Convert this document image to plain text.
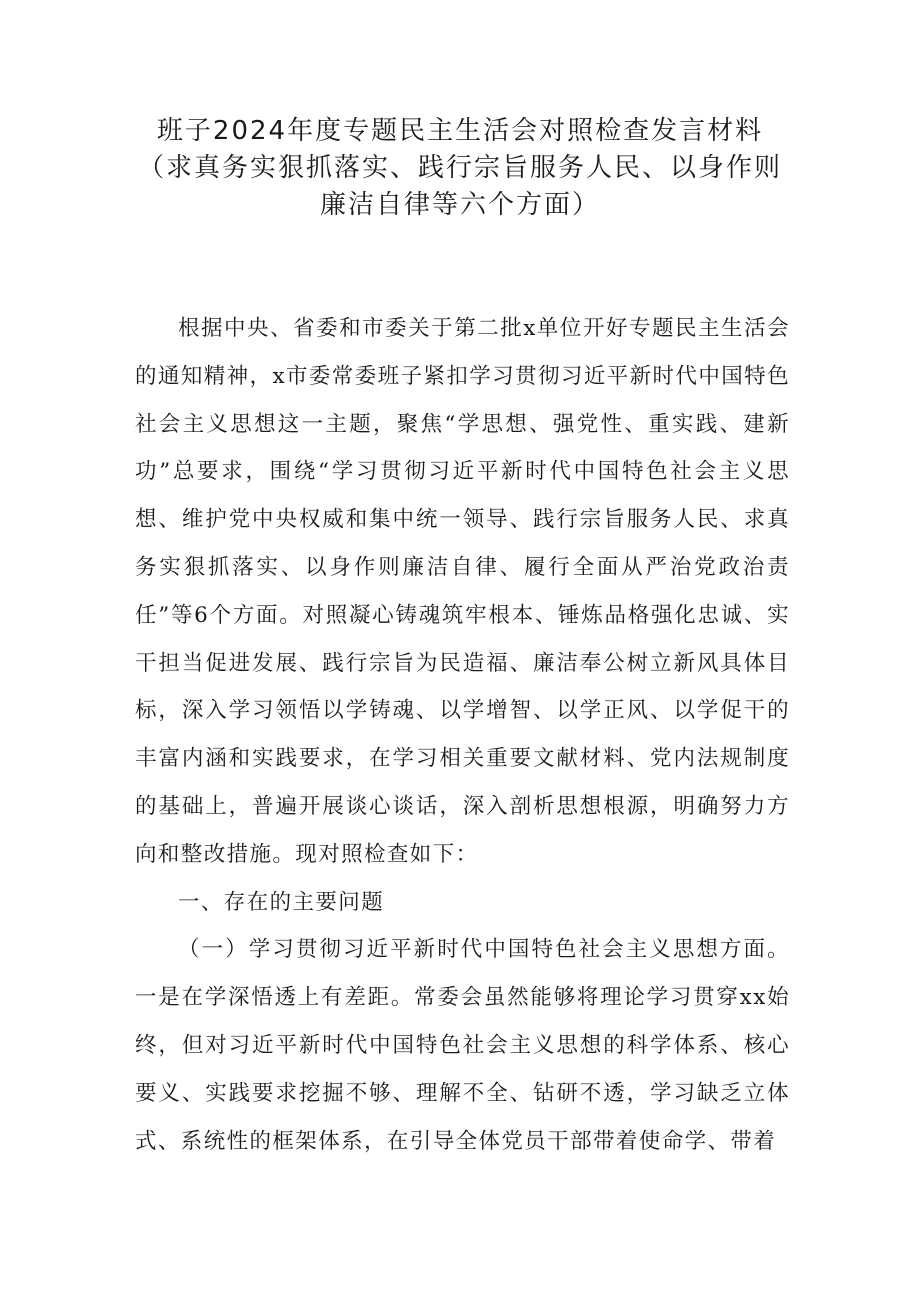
班子2024年度专题民主生活会对照检查发言材料
（求真务实狠抓落实、践行宗旨服务人民、以身作则
廉洁自律等六个方面）

根据中央、省委和市委关于第二批x单位开好专题民主生活会的通知精神，x市委常委班子紧扣学习贯彻习近平新时代中国特色社会主义思想这一主题，聚焦“学思想、强党性、重实践、建新功”总要求，围绕“学习贯彻习近平新时代中国特色社会主义思想、维护党中央权威和集中统一领导、践行宗旨服务人民、求真务实狠抓落实、以身作则廉洁自律、履行全面从严治党政治责任”等6个方面。对照凝心铸魂筑牢根本、锤炼品格强化忠诚、实干担当促进发展、践行宗旨为民造福、廉洁奉公树立新风具体目标，深入学习领悟以学铸魂、以学增智、以学正风、以学促干的丰富内涵和实践要求，在学习相关重要文献材料、党内法规制度的基础上，普遍开展谈心谈话，深入剖析思想根源，明确努力方向和整改措施。现对照检查如下：

一、存在的主要问题

（一）学习贯彻习近平新时代中国特色社会主义思想方面。一是在学深悟透上有差距。常委会虽然能够将理论学习贯穿xx始终，但对习近平新时代中国特色社会主义思想的科学体系、核心要义、实践要求挖掘不够、理解不全、钻研不透，学习缺乏立体式、系统性的框架体系，在引导全体党员干部带着使命学、带着
